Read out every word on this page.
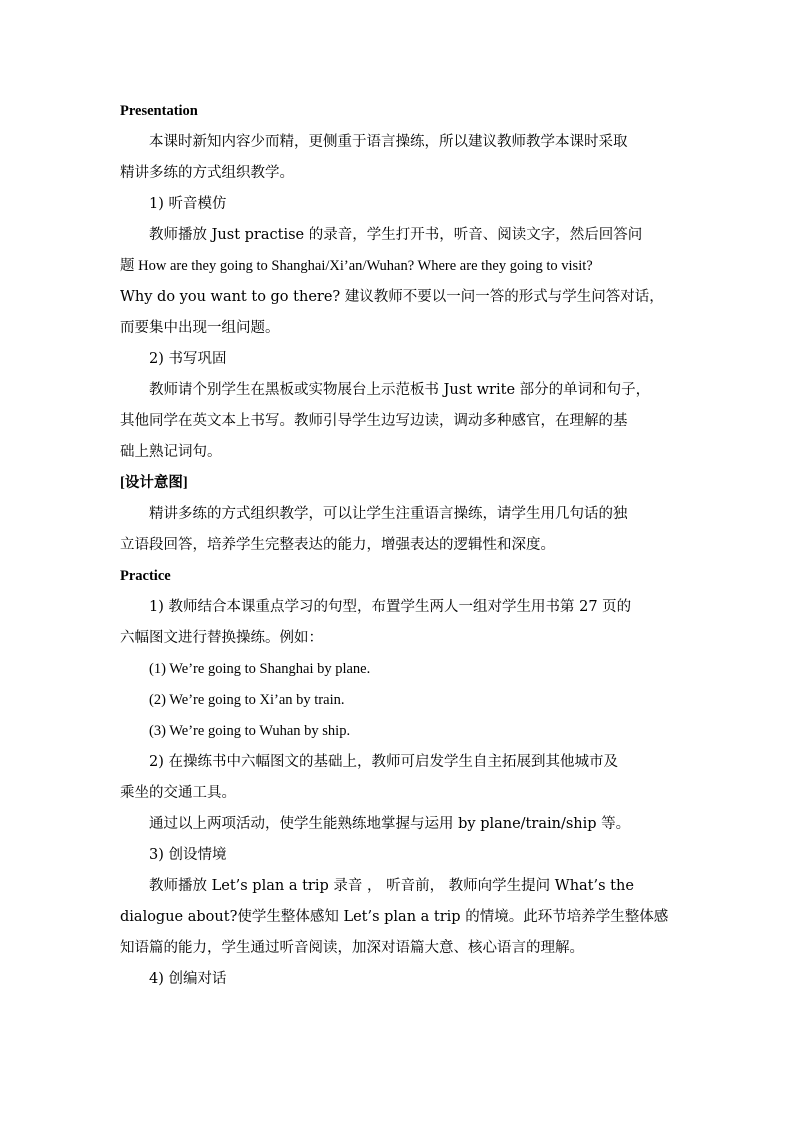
Presentation

本课时新知内容少而精，更侧重于语言操练，所以建议教师教学本课时采取

精讲多练的方式组织教学。

1) 听音模仿

教师播放 Just practise 的录音，学生打开书，听音、阅读文字，然后回答问

题 How are they going to Shanghai/Xi’an/Wuhan? Where are they going to visit?

Why do you want to go there? 建议教师不要以一问一答的形式与学生问答对话，

而要集中出现一组问题。

2) 书写巩固

教师请个别学生在黑板或实物展台上示范板书 Just write 部分的单词和句子，

其他同学在英文本上书写。教师引导学生边写边读，调动多种感官，在理解的基

础上熟记词句。

[设计意图]

精讲多练的方式组织教学，可以让学生注重语言操练，请学生用几句话的独

立语段回答，培养学生完整表达的能力，增强表达的逻辑性和深度。

Practice

1) 教师结合本课重点学习的句型，布置学生两人一组对学生用书第 27 页的

六幅图文进行替换操练。例如：

(1) We’re going to Shanghai by plane.

(2) We’re going to Xi’an by train.

(3) We’re going to Wuhan by ship.

2) 在操练书中六幅图文的基础上，教师可启发学生自主拓展到其他城市及

乘坐的交通工具。

通过以上两项活动，使学生能熟练地掌握与运用 by plane/train/ship 等。

3) 创设情境

教师播放 Let’s plan a trip 录音 ， 听音前， 教师向学生提问 What’s the

dialogue about?使学生整体感知 Let’s plan a trip 的情境。此环节培养学生整体感

知语篇的能力，学生通过听音阅读，加深对语篇大意、核心语言的理解。

4) 创编对话
